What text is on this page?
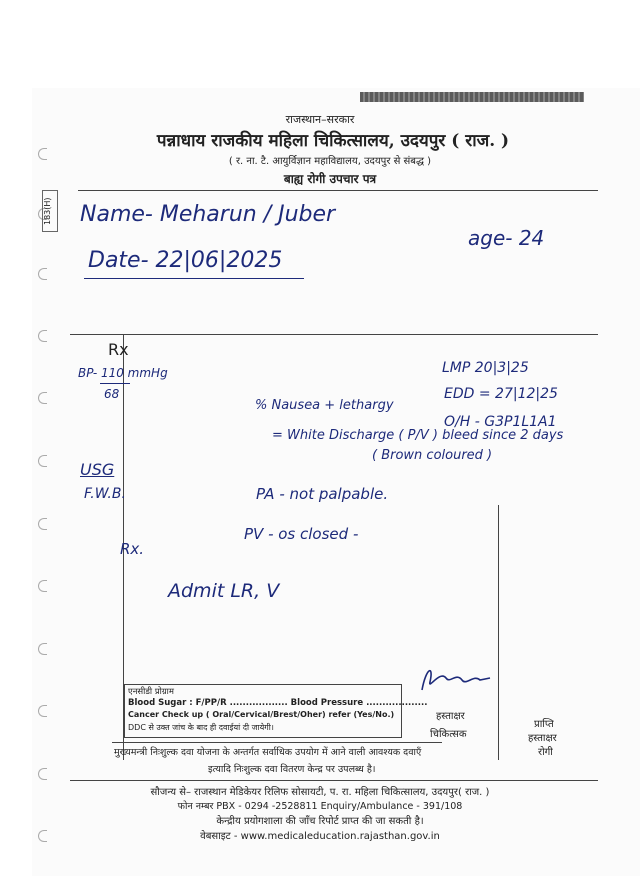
राजस्थान–सरकार
पन्नाधाय राजकीय महिला चिकित्सालय, उदयपुर ( राज. )
( र. ना. टै. आयुर्विज्ञान महाविद्यालय, उदयपुर से संबद्ध )
बाह्य रोगी उपचार पत्र
183(H) Name- Meharun / Juber
age- 24
Date- 22|06|2025
Rx
BP- 110 mmHg
68
LMP 20|3|25
EDD = 27|12|25
O/H - G3P1L1A1
% Nausea + lethargy
= White Discharge ( P/V ) bleed since 2 days
( Brown coloured )
USG
F.W.B.	PA - not palpable.
PV - os closed -
Rx.
Admit LR, V
एनसीडी प्रोग्राम
Blood Sugar : F/PP/R .................. Blood Pressure ...................
Cancer Check up ( Oral/Cervical/Brest/Oher) refer (Yes/No.)
DDC से उक्त जांच के बाद ही दवाईयां दी जायेगी।
हस्ताक्षर
चिकित्सक
प्राप्ति
हस्ताक्षर
रोगी
मुख्यमन्त्री निःशुल्क दवा योजना के अन्तर्गत सर्वाधिक उपयोग में आने वाली आवश्यक दवाएँ
इत्यादि निःशुल्क दवा वितरण केन्द्र पर उपलब्ध है।
सौजन्य से– राजस्थान मेडिकेयर रिलिफ सोसायटी, प. रा. महिला चिकित्सालय, उदयपुर( राज. )
फोन नम्बर PBX - 0294 -2528811 Enquiry/Ambulance - 391/108
केन्द्रीय प्रयोगशाला की जाँच रिपोर्ट प्राप्त की जा सकती है।
वेबसाइट - www.medicaleducation.rajasthan.gov.in
